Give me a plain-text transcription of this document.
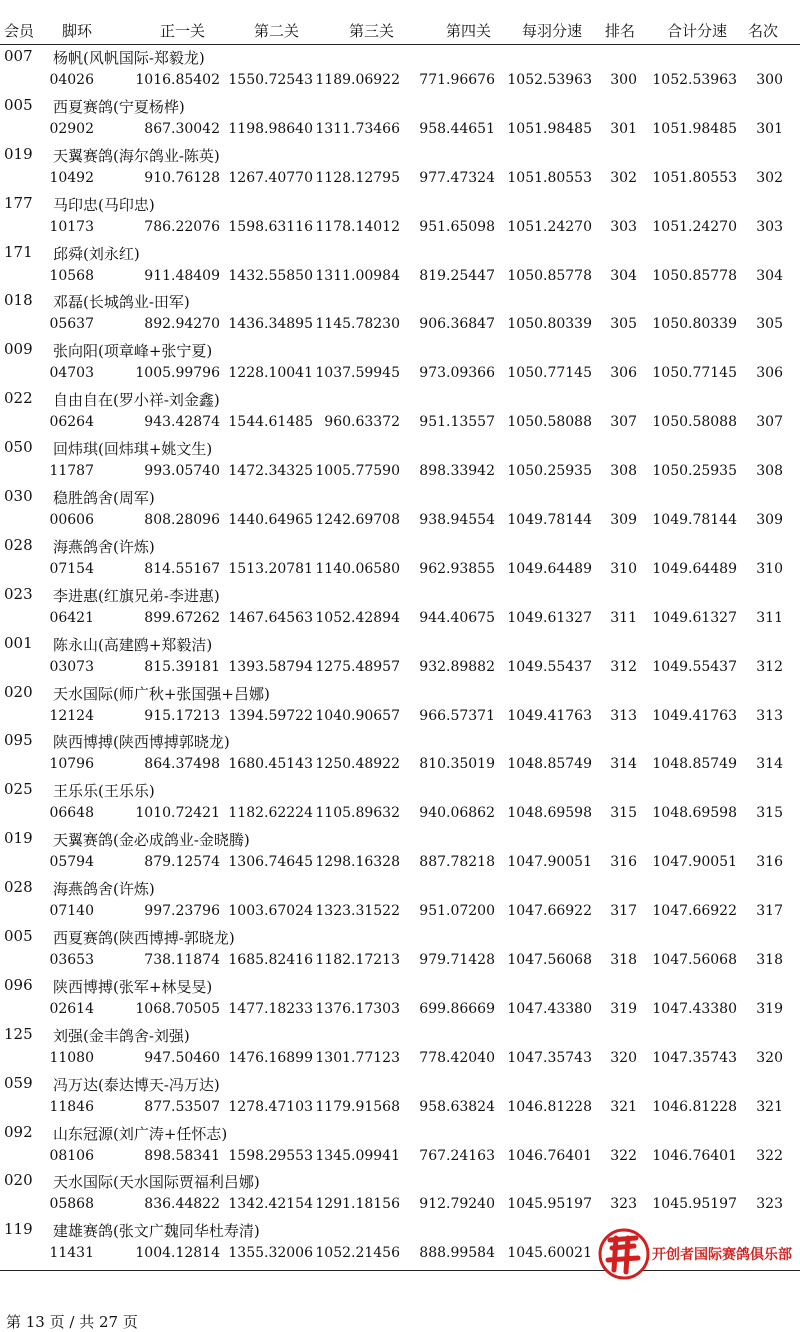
会员 脚环	正一关	第二关	第三关	第四关 每羽分速 排名 合计分速 名次
007 杨帆(风帆国际-郑毅龙)
04026	1016.85402 1550.72543 1189.06922 771.96676 1052.53963 300 1052.53963 300
005 西夏赛鸽(宁夏杨桦)
02902	867.30042 1198.98640 1311.73466 958.44651 1051.98485 301 1051.98485 301
019 天翼赛鸽(海尔鸽业-陈英)
10492	910.76128 1267.40770 1128.12795 977.47324 1051.80553 302 1051.80553 302
177 马印忠(马印忠)
10173	786.22076 1598.63116 1178.14012 951.65098 1051.24270 303 1051.24270 303
171 邱舜(刘永红)
10568	911.48409 1432.55850 1311.00984 819.25447 1050.85778 304 1050.85778 304
018 邓磊(长城鸽业-田军)
05637	892.94270 1436.34895 1145.78230 906.36847 1050.80339 305 1050.80339 305
009 张向阳(项章峰+张宁夏)
04703	1005.99796 1228.10041 1037.59945 973.09366 1050.77145 306 1050.77145 306
022 自由自在(罗小祥-刘金鑫)
06264	943.42874 1544.61485 960.63372 951.13557 1050.58088 307 1050.58088 307
050 回炜琪(回炜琪+姚文生)
11787	993.05740 1472.34325 1005.77590 898.33942 1050.25935 308 1050.25935 308
030 稳胜鸽舍(周军)
00606	808.28096 1440.64965 1242.69708 938.94554 1049.78144 309 1049.78144 309
028 海燕鸽舍(许炼)
07154	814.55167 1513.20781 1140.06580 962.93855 1049.64489 310 1049.64489 310
023 李进惠(红旗兄弟-李进惠)
06421	899.67262 1467.64563 1052.42894 944.40675 1049.61327 311 1049.61327 311
001 陈永山(高建鸥+郑毅洁)
03073	815.39181 1393.58794 1275.48957 932.89882 1049.55437 312 1049.55437 312
020 天水国际(师广秋+张国强+吕娜)
12124	915.17213 1394.59722 1040.90657 966.57371 1049.41763 313 1049.41763 313
095 陕西博搏(陕西博搏郭晓龙)
10796	864.37498 1680.45143 1250.48922 810.35019 1048.85749 314 1048.85749 314
025 王乐乐(王乐乐)
06648	1010.72421 1182.62224 1105.89632 940.06862 1048.69598 315 1048.69598 315
019 天翼赛鸽(金必成鸽业-金晓腾)
05794	879.12574 1306.74645 1298.16328 887.78218 1047.90051 316 1047.90051 316
028 海燕鸽舍(许炼)
07140	997.23796 1003.67024 1323.31522 951.07200 1047.66922 317 1047.66922 317
005 西夏赛鸽(陕西博搏-郭晓龙)
03653	738.11874 1685.82416 1182.17213 979.71428 1047.56068 318 1047.56068 318
096 陕西博搏(张军+林旻旻)
02614	1068.70505 1477.18233 1376.17303 699.86669 1047.43380 319 1047.43380 319
125 刘强(金丰鸽舍-刘强)
11080	947.50460 1476.16899 1301.77123 778.42040 1047.35743 320 1047.35743 320
059 冯万达(泰达博天-冯万达)
11846	877.53507 1278.47103 1179.91568 958.63824 1046.81228 321 1046.81228 321
092 山东冠源(刘广涛+任怀志)
08106	898.58341 1598.29553 1345.09941 767.24163 1046.76401 322 1046.76401 322
020 天水国际(天水国际贾福利吕娜)
05868	836.44822 1342.42154 1291.18156 912.79240 1045.95197 323 1045.95197 323
119 建雄赛鸽(张文广魏同华杜寿清)
11431	1004.12814 1355.32006 1052.21456 888.99584 1045.60021
第 13 页 / 共 27 页
开创者国际赛鸽俱乐部
